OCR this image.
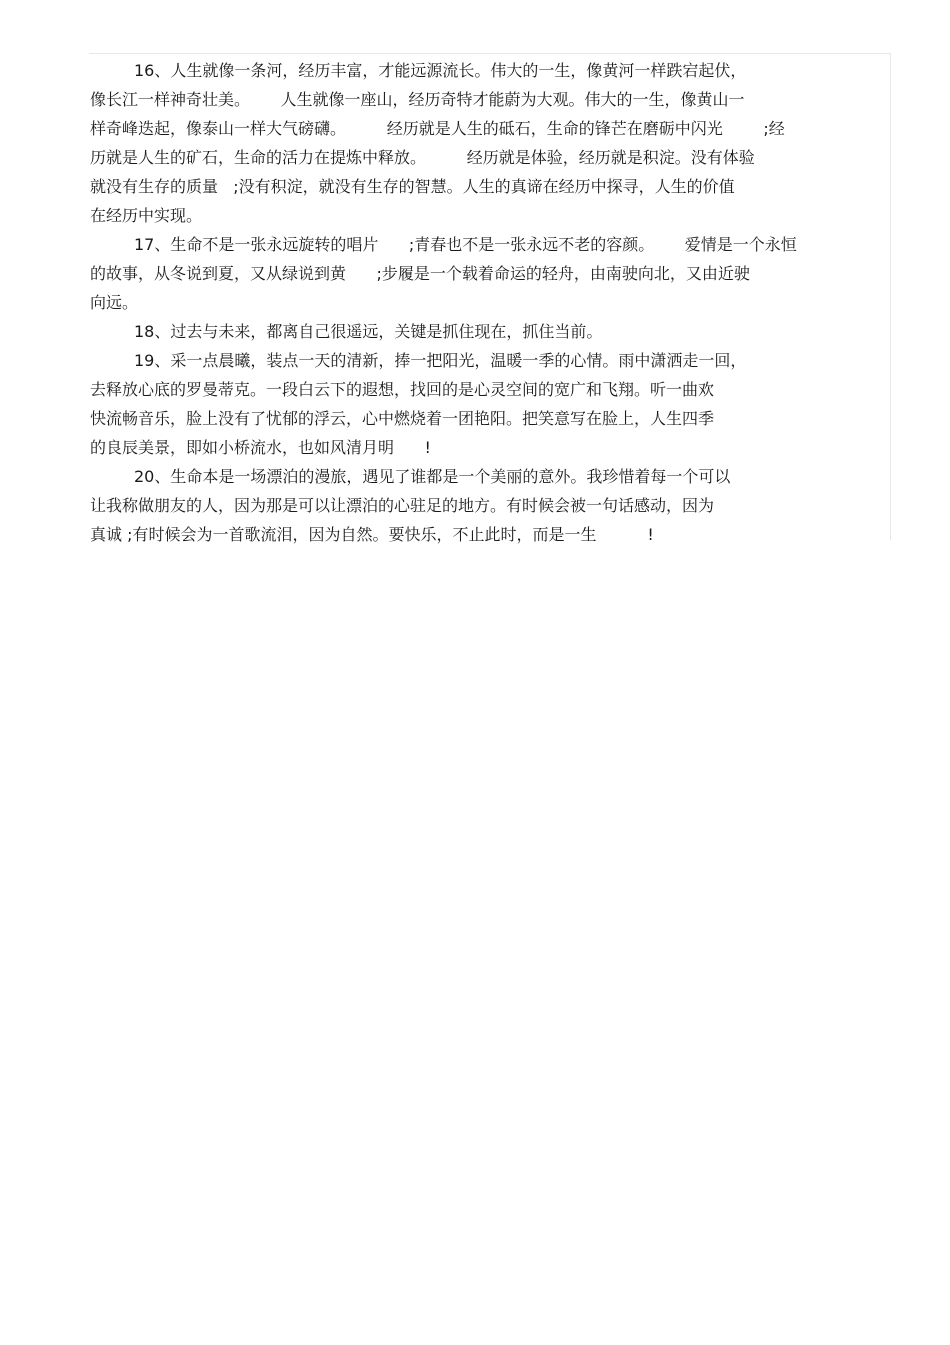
16、人生就像一条河，经历丰富，才能远源流长。伟大的一生，像黄河一样跌宕起伏，
像长江一样神奇壮美。      人生就像一座山，经历奇特才能蔚为大观。伟大的一生，像黄山一
样奇峰迭起，像泰山一样大气磅礴。        经历就是人生的砥石，生命的锋芒在磨砺中闪光        ;经
历就是人生的矿石，生命的活力在提炼中释放。        经历就是体验，经历就是积淀。没有体验
就没有生存的质量   ;没有积淀，就没有生存的智慧。人生的真谛在经历中探寻，人生的价值
在经历中实现。
17、生命不是一张永远旋转的唱片      ;青春也不是一张永远不老的容颜。      爱情是一个永恒
的故事，从冬说到夏，又从绿说到黄      ;步履是一个载着命运的轻舟，由南驶向北，又由近驶
向远。
18、过去与未来，都离自己很遥远，关键是抓住现在，抓住当前。
19、采一点晨曦，装点一天的清新，捧一把阳光，温暖一季的心情。雨中潇洒走一回，
去释放心底的罗曼蒂克。一段白云下的遐想，找回的是心灵空间的宽广和飞翔。听一曲欢
快流畅音乐，脸上没有了忧郁的浮云，心中燃烧着一团艳阳。把笑意写在脸上，人生四季
的良辰美景，即如小桥流水，也如风清月明      !
20、生命本是一场漂泊的漫旅，遇见了谁都是一个美丽的意外。我珍惜着每一个可以
让我称做朋友的人，因为那是可以让漂泊的心驻足的地方。有时候会被一句话感动，因为
真诚 ;有时候会为一首歌流泪，因为自然。要快乐，不止此时，而是一生          !
